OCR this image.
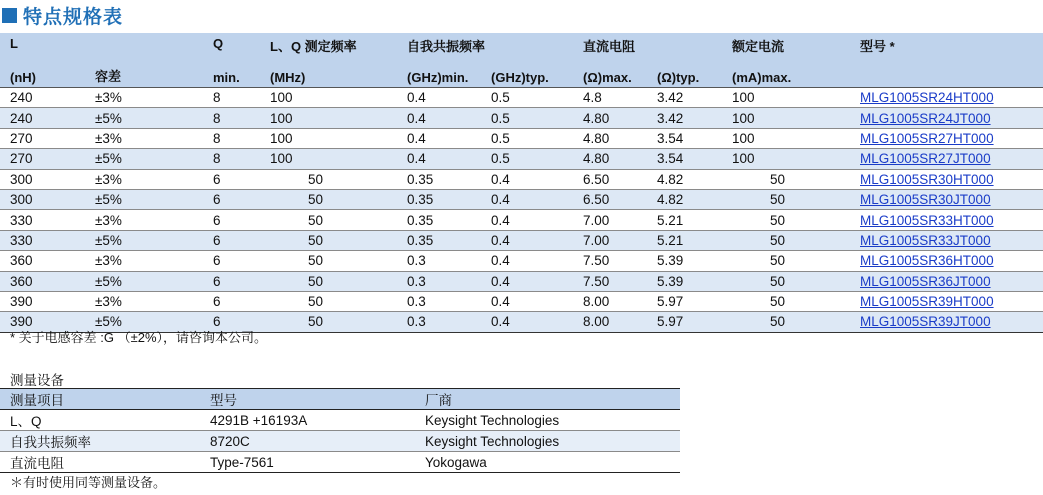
特点规格表
L		Q	L、Q 测定频率	自我共振频率		直流电阻		额定电流	型号 *
(nH)	容差	min.	(MHz)	(GHz)min.	(GHz)typ.	(Ω)max.	(Ω)typ.	(mA)max.	
240	±3%	8	100	0.4	0.5	4.8	3.42	100	MLG1005SR24HT000
240	±5%	8	100	0.4	0.5	4.80	3.42	100	MLG1005SR24JT000
270	±3%	8	100	0.4	0.5	4.80	3.54	100	MLG1005SR27HT000
270	±5%	8	100	0.4	0.5	4.80	3.54	100	MLG1005SR27JT000
300	±3%	6	50	0.35	0.4	6.50	4.82	50	MLG1005SR30HT000
300	±5%	6	50	0.35	0.4	6.50	4.82	50	MLG1005SR30JT000
330	±3%	6	50	0.35	0.4	7.00	5.21	50	MLG1005SR33HT000
330	±5%	6	50	0.35	0.4	7.00	5.21	50	MLG1005SR33JT000
360	±3%	6	50	0.3	0.4	7.50	5.39	50	MLG1005SR36HT000
360	±5%	6	50	0.3	0.4	7.50	5.39	50	MLG1005SR36JT000
390	±3%	6	50	0.3	0.4	8.00	5.97	50	MLG1005SR39HT000
390	±5%	6	50	0.3	0.4	8.00	5.97	50	MLG1005SR39JT000
* 关于电感容差 :G （±2%），请咨询本公司。
测量设备
测量项目	型号	厂商
L、Q	4291B +16193A	Keysight Technologies
自我共振频率	8720C	Keysight Technologies
直流电阻	Type-7561	Yokogawa
＊有时使用同等测量设备。
